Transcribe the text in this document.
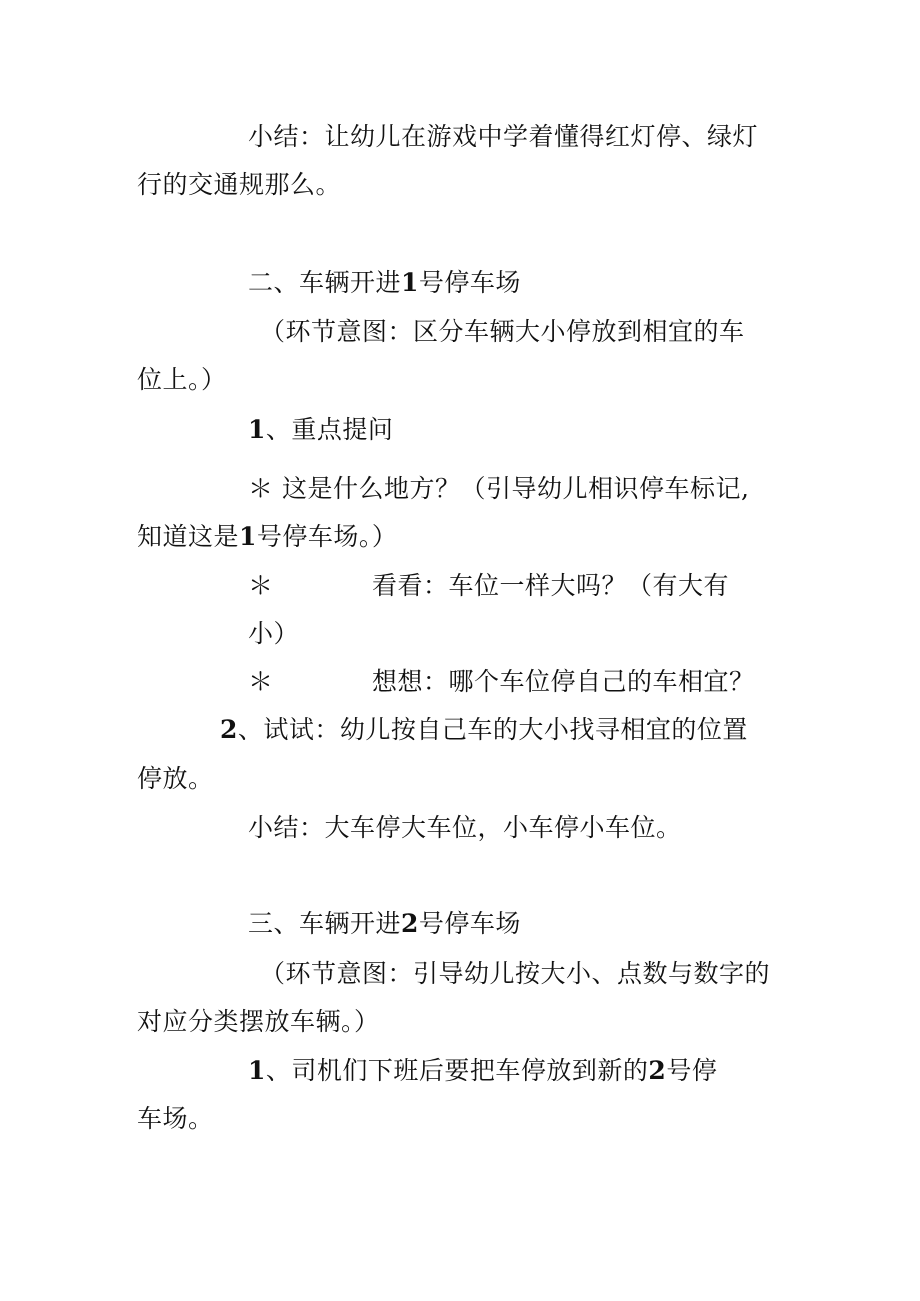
小结：让幼儿在游戏中学着懂得红灯停、绿灯
行的交通规那么。
二、车辆开进1号停车场
（环节意图：区分车辆大小停放到相宜的车
位上。）
1、重点提问
＊ 这是什么地方？（引导幼儿相识停车标记,
知道这是1号停车场。）
＊	看看：车位一样大吗？（有大有
小）
＊	想想：哪个车位停自己的车相宜？
2、试试：幼儿按自己车的大小找寻相宜的位置
停放。
小结：大车停大车位，小车停小车位。
三、车辆开进2号停车场
（环节意图：引导幼儿按大小、点数与数字的
对应分类摆放车辆。）
1、司机们下班后要把车停放到新的2号停
车场。
